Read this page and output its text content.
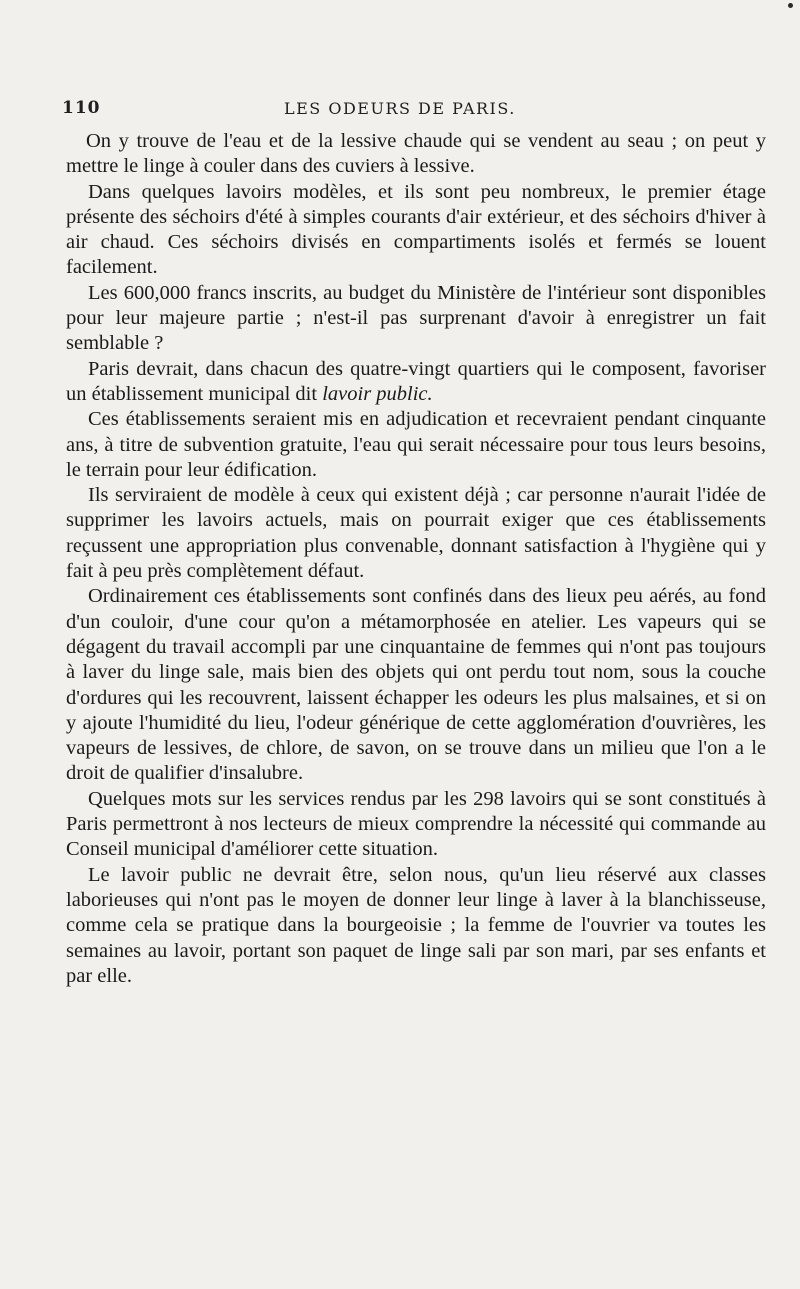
110	LES ODEURS DE PARIS.

On y trouve de l'eau et de la lessive chaude qui se vendent au seau ; on peut y mettre le linge à couler dans des cuviers à lessive.

Dans quelques lavoirs modèles, et ils sont peu nombreux, le premier étage présente des séchoirs d'été à simples courants d'air extérieur, et des séchoirs d'hiver à air chaud. Ces séchoirs divisés en compartiments isolés et fermés se louent facilement.

Les 600,000 francs inscrits, au budget du Ministère de l'intérieur sont disponibles pour leur majeure partie ; n'est-il pas surprenant d'avoir à enregistrer un fait semblable ?

Paris devrait, dans chacun des quatre-vingt quartiers qui le composent, favoriser un établissement municipal dit lavoir public.

Ces établissements seraient mis en adjudication et recevraient pendant cinquante ans, à titre de subvention gratuite, l'eau qui serait nécessaire pour tous leurs besoins, le terrain pour leur édification.

Ils serviraient de modèle à ceux qui existent déjà ; car personne n'aurait l'idée de supprimer les lavoirs actuels, mais on pourrait exiger que ces établissements reçussent une appropriation plus convenable, donnant satisfaction à l'hygiène qui y fait à peu près complètement défaut.

Ordinairement ces établissements sont confinés dans des lieux peu aérés, au fond d'un couloir, d'une cour qu'on a métamorphosée en atelier. Les vapeurs qui se dégagent du travail accompli par une cinquantaine de femmes qui n'ont pas toujours à laver du linge sale, mais bien des objets qui ont perdu tout nom, sous la couche d'ordures qui les recouvrent, laissent échapper les odeurs les plus malsaines, et si on y ajoute l'humidité du lieu, l'odeur générique de cette agglomération d'ouvrières, les vapeurs de lessives, de chlore, de savon, on se trouve dans un milieu que l'on a le droit de qualifier d'insalubre.

Quelques mots sur les services rendus par les 298 lavoirs qui se sont constitués à Paris permettront à nos lecteurs de mieux comprendre la nécessité qui commande au Conseil municipal d'améliorer cette situation.

Le lavoir public ne devrait être, selon nous, qu'un lieu réservé aux classes laborieuses qui n'ont pas le moyen de donner leur linge à laver à la blanchisseuse, comme cela se pratique dans la bourgeoisie ; la femme de l'ouvrier va toutes les semaines au lavoir, portant son paquet de linge sali par son mari, par ses enfants et par elle.
